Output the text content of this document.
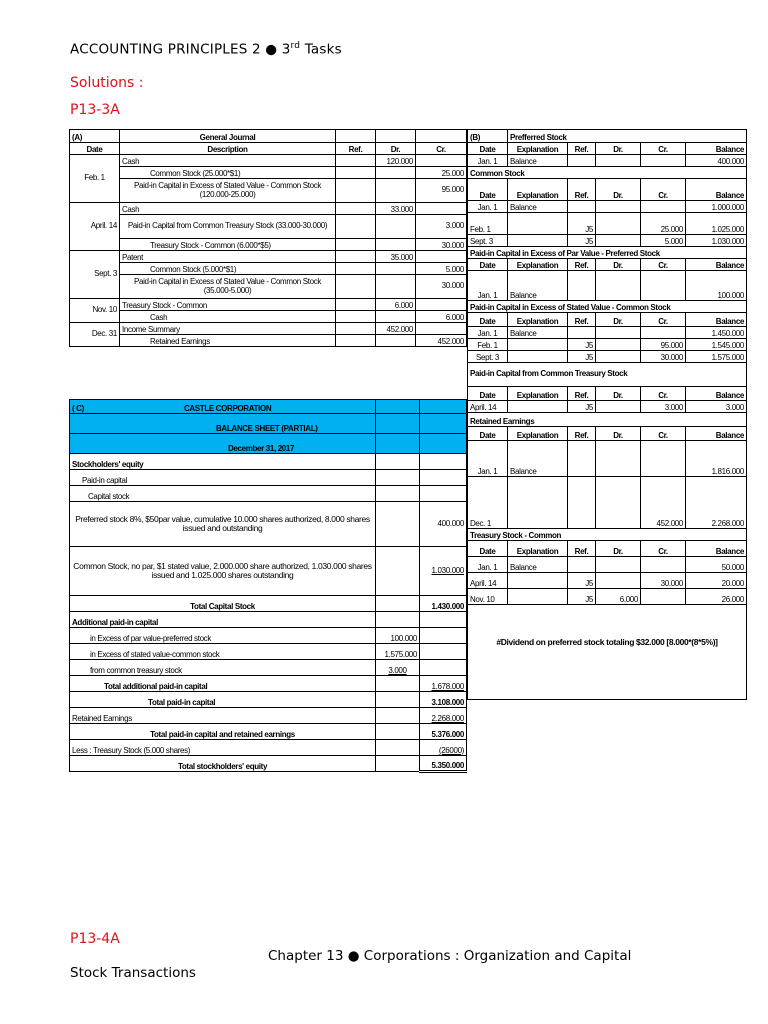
ACCOUNTING PRINCIPLES 2 ● 3rd Tasks
Solutions :
P13-3A
(A)	General Journal			
Date	Description	Ref.	Dr.	Cr.
Feb. 1	Cash		120.000	
	Common Stock (25.000*$1)			25.000
	Paid-in Capital in Excess of Stated Value - Common Stock (120.000-25.000)			95.000
April. 14	Cash		33.000	
	Paid-in Capital from Common Treasury Stock (33.000-30.000)			3.000
	Treasury Stock - Common (6.000*$5)			30.000
Sept. 3	Patent		35.000	
	Common Stock (5.000*$1)			5.000
	Paid-in Capital in Excess of Stated Value - Common Stock (35.000-5.000)			30.000
Nov. 10	Treasury Stock - Common		6.000	
	Cash			6.000
Dec. 31	Income Summary		452.000	
	Retained Earnings			452.000
( C) CASTLE CORPORATION		
BALANCE SHEET (PARTIAL)		
December 31, 2017		
Stockholders' equity		
Paid-in capital		
Capital stock		
Preferred stock 8%, $50par value, cumulative 10.000 shares authorized, 8.000 shares issued and outstanding		400.000
Common Stock, no par, $1 stated value, 2.000.000 share authorized, 1.030.000 shares issued and 1.025.000 shares outstanding		1.030.000
Total Capital Stock		1.430.000
Additional paid-in capital		
in Excess of par value-preferred stock	100.000	
in Excess of stated value-common stock	1.575.000	
from common treasury stock	3.000	
Total additional paid-in capital		1.678.000
Total paid-in capital		3.108.000
Retained Earnings		2.268.000
Total paid-in capital and retained earnings		5.376.000
Less : Treasury Stock (5.000 shares)		(26000)
Total stockholders' equity		5.350.000
(B)	Prefferred Stock				
Date	Explanation	Ref.	Dr.	Cr.	Balance
Jan. 1	Balance				400.000
Common Stock					
Date	Explanation	Ref.	Dr.	Cr.	Balance
Jan. 1	Balance				1.000.000
Feb. 1		J5		25.000	1.025.000
Sept. 3		J5		5.000	1.030.000
Paid-in Capital in Excess of Par Value - Preferred Stock					
Date	Explanation	Ref.	Dr.	Cr.	Balance
Jan. 1	Balance				100.000
Paid-in Capital in Excess of Stated Value - Common Stock					
Date	Explanation	Ref.	Dr.	Cr.	Balance
Jan. 1	Balance				1.450.000
Feb. 1		J5		95.000	1.545.000
Sept. 3		J5		30.000	1.575.000
Paid-in Capital from Common Treasury Stock					
Date	Explanation	Ref.	Dr.	Cr.	Balance
April. 14		J5		3.000	3.000
Retained Earnings					
Date	Explanation	Ref.	Dr.	Cr.	Balance
Jan. 1	Balance				1.816.000
Dec. 1				452.000	2.268.000
Treasury Stock - Common					
Date	Explanation	Ref.	Dr.	Cr.	Balance
Jan. 1	Balance				50.000
April. 14		J5		30.000	20.000
Nov. 10		J5	6.000		26.000

#Dividend on preferred stock totaling $32.000 [8.000*(8*5%)]					

P13-4A
Chapter 13 ● Corporations : Organization and Capital
Stock Transactions
